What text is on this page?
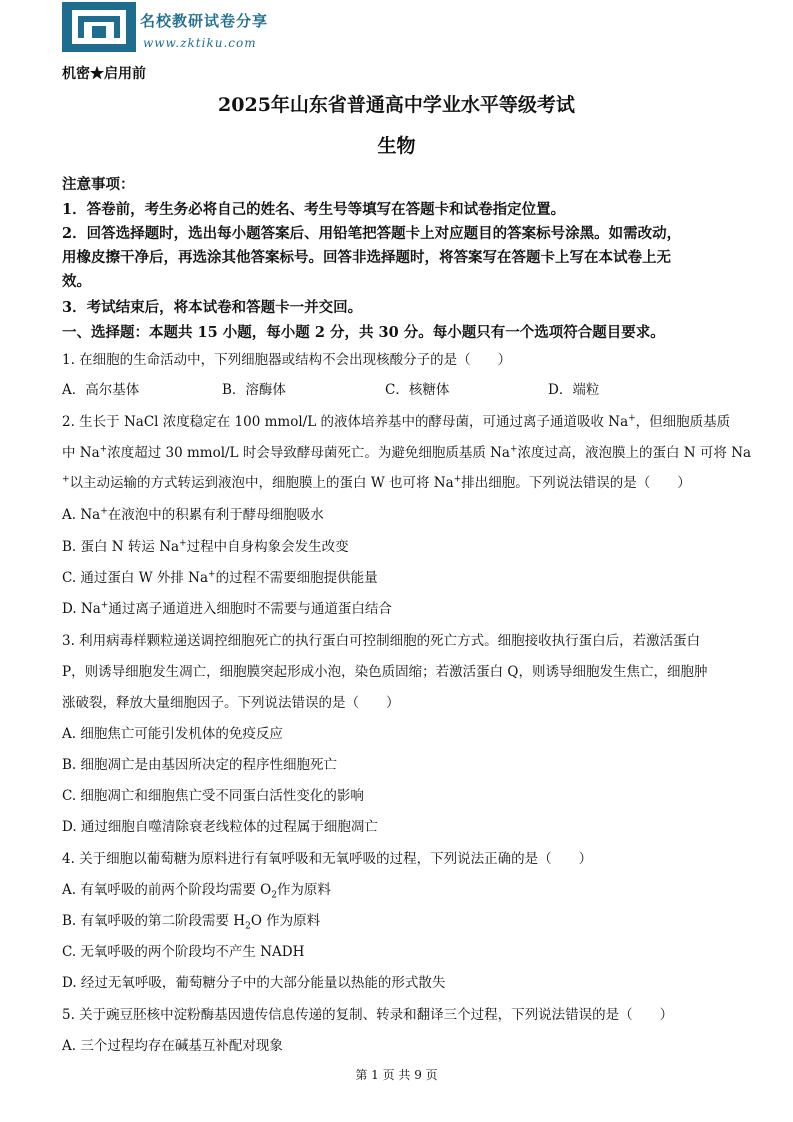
名校教研试卷分享
www.zktiku.com
机密★启用前
2025年山东省普通高中学业水平等级考试
生物
注意事项：
1．答卷前，考生务必将自己的姓名、考生号等填写在答题卡和试卷指定位置。
2．回答选择题时，选出每小题答案后、用铅笔把答题卡上对应题目的答案标号涂黑。如需改动，
用橡皮擦干净后，再选涂其他答案标号。回答非选择题时，将答案写在答题卡上写在本试卷上无
效。
3．考试结束后，将本试卷和答题卡一并交回。
一、选择题：本题共 15 小题，每小题 2 分，共 30 分。每小题只有一个选项符合题目要求。
1. 在细胞的生命活动中，下列细胞器或结构不会出现核酸分子的是（　　）
A．高尔基体	B．溶酶体	C．核糖体	D．端粒
2. 生长于 NaCl 浓度稳定在 100 mmol/L 的液体培养基中的酵母菌，可通过离子通道吸收 Na+，但细胞质基质
中 Na+浓度超过 30 mmol/L 时会导致酵母菌死亡。为避免细胞质基质 Na+浓度过高，液泡膜上的蛋白 N 可将 Na
+以主动运输的方式转运到液泡中，细胞膜上的蛋白 W 也可将 Na+排出细胞。下列说法错误的是（　　）
A. Na+在液泡中的积累有利于酵母细胞吸水
B. 蛋白 N 转运 Na+过程中自身构象会发生改变
C. 通过蛋白 W 外排 Na+的过程不需要细胞提供能量
D. Na+通过离子通道进入细胞时不需要与通道蛋白结合
3. 利用病毒样颗粒递送调控细胞死亡的执行蛋白可控制细胞的死亡方式。细胞接收执行蛋白后，若激活蛋白
P，则诱导细胞发生凋亡，细胞膜突起形成小泡，染色质固缩；若激活蛋白 Q，则诱导细胞发生焦亡，细胞肿
涨破裂，释放大量细胞因子。下列说法错误的是（　　）
A. 细胞焦亡可能引发机体的免疫反应
B. 细胞凋亡是由基因所决定的程序性细胞死亡
C. 细胞凋亡和细胞焦亡受不同蛋白活性变化的影响
D. 通过细胞自噬清除衰老线粒体的过程属于细胞凋亡
4. 关于细胞以葡萄糖为原料进行有氧呼吸和无氧呼吸的过程，下列说法正确的是（　　）
A. 有氧呼吸的前两个阶段均需要 $O_2$作为原料
B. 有氧呼吸的第二阶段需要 $H_2O$ 作为原料
C. 无氧呼吸的两个阶段均不产生 NADH
D. 经过无氧呼吸，葡萄糖分子中的大部分能量以热能的形式散失
5. 关于豌豆胚核中淀粉酶基因遗传信息传递的复制、转录和翻译三个过程，下列说法错误的是（　　）
A. 三个过程均存在碱基互补配对现象
第 1 页 共 9 页
